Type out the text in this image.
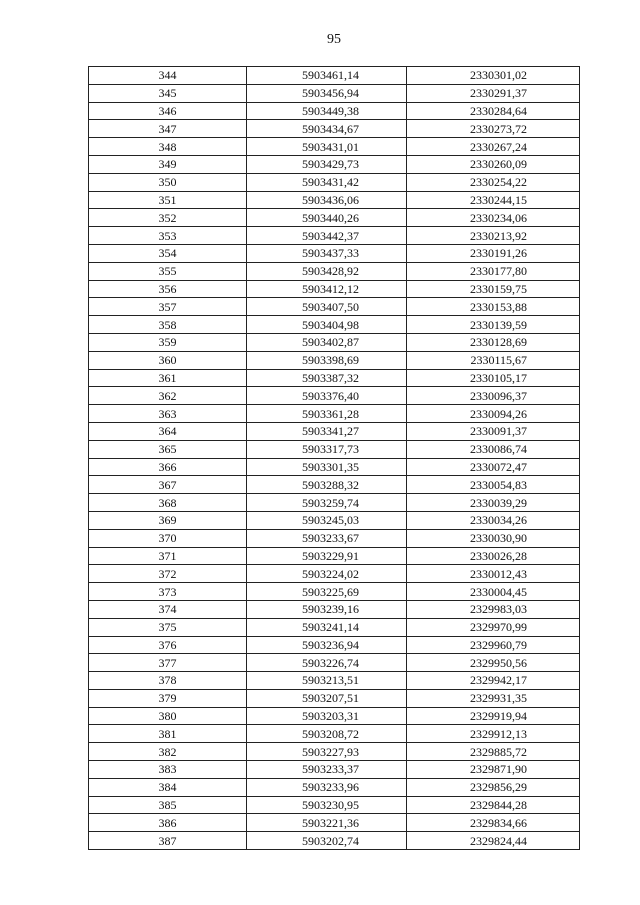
95
344	5903461,14	2330301,02
345	5903456,94	2330291,37
346	5903449,38	2330284,64
347	5903434,67	2330273,72
348	5903431,01	2330267,24
349	5903429,73	2330260,09
350	5903431,42	2330254,22
351	5903436,06	2330244,15
352	5903440,26	2330234,06
353	5903442,37	2330213,92
354	5903437,33	2330191,26
355	5903428,92	2330177,80
356	5903412,12	2330159,75
357	5903407,50	2330153,88
358	5903404,98	2330139,59
359	5903402,87	2330128,69
360	5903398,69	2330115,67
361	5903387,32	2330105,17
362	5903376,40	2330096,37
363	5903361,28	2330094,26
364	5903341,27	2330091,37
365	5903317,73	2330086,74
366	5903301,35	2330072,47
367	5903288,32	2330054,83
368	5903259,74	2330039,29
369	5903245,03	2330034,26
370	5903233,67	2330030,90
371	5903229,91	2330026,28
372	5903224,02	2330012,43
373	5903225,69	2330004,45
374	5903239,16	2329983,03
375	5903241,14	2329970,99
376	5903236,94	2329960,79
377	5903226,74	2329950,56
378	5903213,51	2329942,17
379	5903207,51	2329931,35
380	5903203,31	2329919,94
381	5903208,72	2329912,13
382	5903227,93	2329885,72
383	5903233,37	2329871,90
384	5903233,96	2329856,29
385	5903230,95	2329844,28
386	5903221,36	2329834,66
387	5903202,74	2329824,44
